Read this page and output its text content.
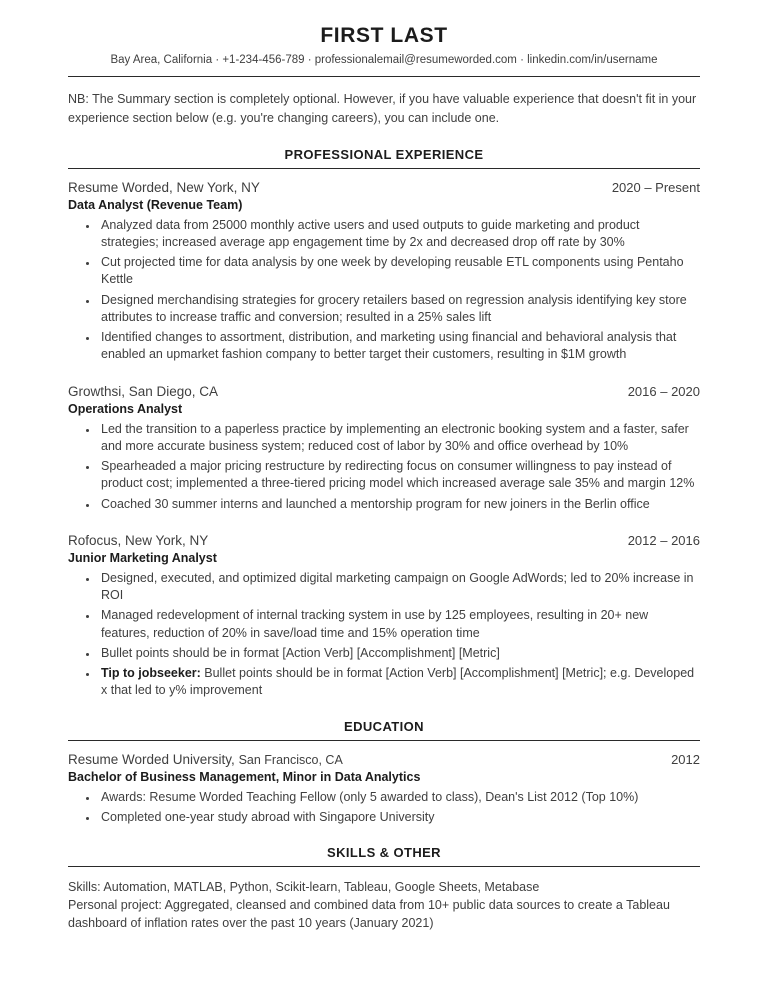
FIRST LAST
Bay Area, California · +1-234-456-789 · professionalemail@resumeworded.com · linkedin.com/in/username

NB: The Summary section is completely optional. However, if you have valuable experience that doesn't fit in your experience section below (e.g. you're changing careers), you can include one.

PROFESSIONAL EXPERIENCE
Resume Worded, New York, NY	2020 – Present
Data Analyst (Revenue Team)
• Analyzed data from 25000 monthly active users and used outputs to guide marketing and product strategies; increased average app engagement time by 2x and decreased drop off rate by 30%
• Cut projected time for data analysis by one week by developing reusable ETL components using Pentaho Kettle
• Designed merchandising strategies for grocery retailers based on regression analysis identifying key store attributes to increase traffic and conversion; resulted in a 25% sales lift
• Identified changes to assortment, distribution, and marketing using financial and behavioral analysis that enabled an upmarket fashion company to better target their customers, resulting in $1M growth
Growthsi, San Diego, CA	2016 – 2020
Operations Analyst
• Led the transition to a paperless practice by implementing an electronic booking system and a faster, safer and more accurate business system; reduced cost of labor by 30% and office overhead by 10%
• Spearheaded a major pricing restructure by redirecting focus on consumer willingness to pay instead of product cost; implemented a three-tiered pricing model which increased average sale 35% and margin 12%
• Coached 30 summer interns and launched a mentorship program for new joiners in the Berlin office
Rofocus, New York, NY	2012 – 2016
Junior Marketing Analyst
• Designed, executed, and optimized digital marketing campaign on Google AdWords; led to 20% increase in ROI
• Managed redevelopment of internal tracking system in use by 125 employees, resulting in 20+ new features, reduction of 20% in save/load time and 15% operation time
• Bullet points should be in format [Action Verb] [Accomplishment] [Metric]
• Tip to jobseeker: Bullet points should be in format [Action Verb] [Accomplishment] [Metric]; e.g. Developed x that led to y% improvement
EDUCATION
Resume Worded University, San Francisco, CA	2012
Bachelor of Business Management, Minor in Data Analytics
• Awards: Resume Worded Teaching Fellow (only 5 awarded to class), Dean's List 2012 (Top 10%)
• Completed one-year study abroad with Singapore University
SKILLS & OTHER
Skills: Automation, MATLAB, Python, Scikit-learn, Tableau, Google Sheets, Metabase
Personal project: Aggregated, cleansed and combined data from 10+ public data sources to create a Tableau dashboard of inflation rates over the past 10 years (January 2021)
